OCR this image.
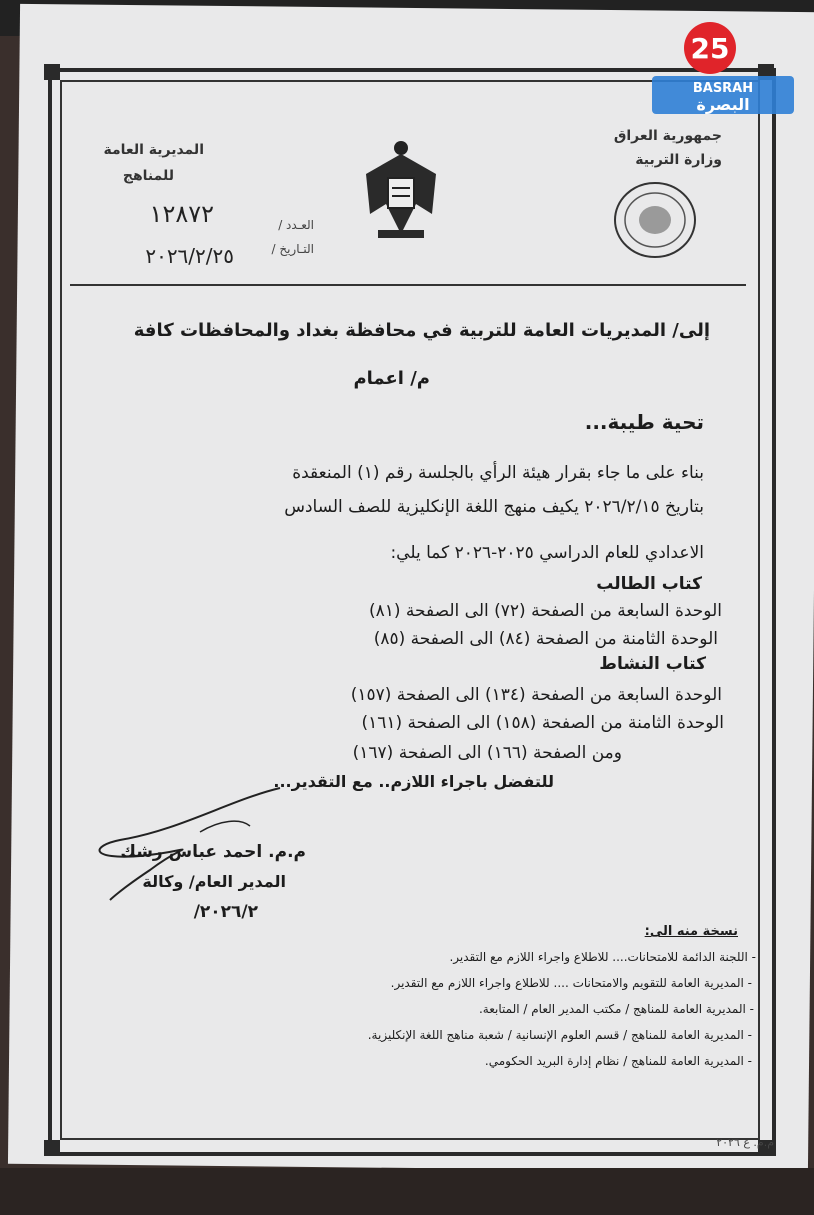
25
BASRAH
البصرة
جمهورية العراق
وزارة التربية
المديرية العامة
للمناهج
العـدد /
التـاريخ /
١٢٨٧٢
٢٠٢٦/٢/٢٥
إلى/ المديريات العامة للتربية في محافظة بغداد والمحافظات كافة
م/ اعمام
تحية طيبة...
بناء على ما جاء بقرار هيئة الرأي بالجلسة رقم (١) المنعقدة
بتاريخ ٢٠٢٦/٢/١٥ يكيف منهج اللغة الإنكليزية للصف السادس
الاعدادي للعام الدراسي ٢٠٢٥-٢٠٢٦ كما يلي:
كتاب الطالب
الوحدة السابعة من الصفحة (٧٢) الى الصفحة (٨١)
الوحدة الثامنة من الصفحة (٨٤) الى الصفحة (٨٥)
كتاب النشاط
الوحدة السابعة من الصفحة (١٣٤) الى الصفحة (١٥٧)
الوحدة الثامنة من الصفحة (١٥٨) الى الصفحة (١٦١)
ومن الصفحة (١٦٦) الى الصفحة (١٦٧)
للتفضل باجراء اللازم.. مع التقدير...
م.م. احمد عباس رشك
المدير العام/ وكالة
٢٠٢٦/٢/
نسخة منه الى:
- اللجنة الدائمة للامتحانات.... للاطلاع واجراء اللازم مع التقدير.
- المديرية العامة للتقويم والامتحانات .... للاطلاع واجراء اللازم مع التقدير.
- المديرية العامة للمناهج / مكتب المدير العام / المتابعة.
- المديرية العامة للمناهج / قسم العلوم الإنسانية / شعبة مناهج اللغة الإنكليزية.
- المديرية العامة للمناهج / نظام إدارة البريد الحكومي.
م.م. ع ٢٠٢٦
